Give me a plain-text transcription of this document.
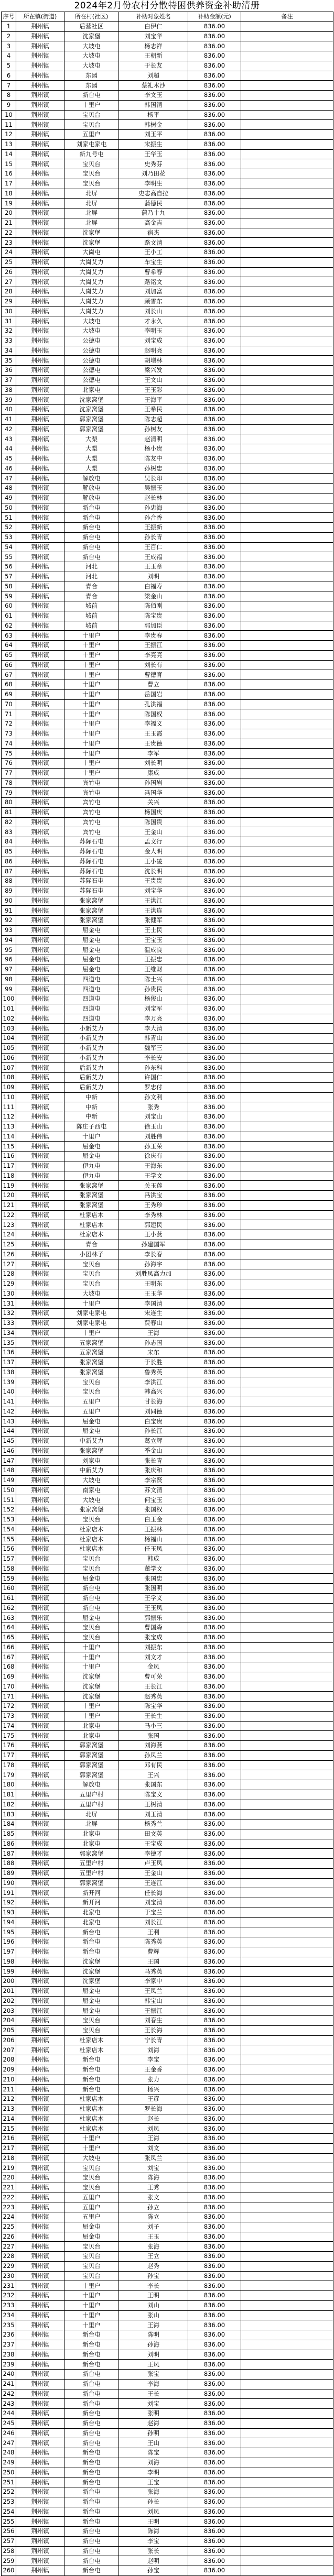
2024年2月份农村分散特困供养资金补助清册
序号	所在镇(街道)	所在村(社区)	补助对象姓名	补助金额(元)	备注
1	荆州镇	后营社区	白伊仁	836.00	
2	荆州镇	沈家堡	刘宝华	836.00	
3	荆州镇	大坡屯	杨志祥	836.00	
4	荆州镇	大坡屯	王朝新	836.00	
5	荆州镇	大坡屯	于长友	836.00	
6	荆州镇	东园	刘超	836.00	
7	荆州镇	东园	蔡礼木沙	836.00	
8	荆州镇	新台屯	李文玉	836.00	
9	荆州镇	十里户	韩国清	836.00	
10	荆州镇	宝贝台	杨平	836.00	
11	荆州镇	宝贝台	韩树金	836.00	
12	荆州镇	五里户	刘玉平	836.00	
13	荆州镇	刘家屯家屯	宋振生	836.00	
14	荆州镇	新九号屯	王华玉	836.00	
15	荆州镇	宝贝台	史秀芬	836.00	
16	荆州镇	宝贝台	刘乃田花	836.00	
17	荆州镇	宝贝台	李明生	836.00	
18	荆州镇	北屏	史志高自拉	836.00	
19	荆州镇	北屏	蒲德民	836.00	
20	荆州镇	北屏	蒲乃十九	836.00	
21	荆州镇	北屏	高金吉	836.00	
22	荆州镇	沈家堡	宿杰	836.00	
23	荆州镇	沈家堡	路文清	836.00	
24	荆州镇	大崗屯	王小工	836.00	
25	荆州镇	大崗艾力	车宝生	836.00	
26	荆州镇	大崗艾力	曹希春	836.00	
27	荆州镇	大崗艾力	路铭文	836.00	
28	荆州镇	大崗艾力	刘加富	836.00	
29	荆州镇	大崗艾力	顾雪东	836.00	
30	荆州镇	大崗艾力	刘长山	836.00	
31	荆州镇	大坡屯	才永久	836.00	
32	荆州镇	大坡屯	李明玉	836.00	
33	荆州镇	公德屯	刘宝成	836.00	
34	荆州镇	公德屯	赵明亮	836.00	
35	荆州镇	公德屯	胡增林	836.00	
36	荆州镇	公德屯	梁兴发	836.00	
37	荆州镇	公德屯	王文山	836.00	
38	荆州镇	北家屯	王玉彩	836.00	
39	荆州镇	沈家窝堡	王海平	836.00	
40	荆州镇	沈家窝堡	王希民	836.00	
41	荆州镇	郭家窝堡	陈志超	836.00	
42	荆州镇	郭家窝堡	孙树友	836.00	
43	荆州镇	大梨	赵清明	836.00	
44	荆州镇	大梨	杨小贵	836.00	
45	荆州镇	大梨	陈友中	836.00	
46	荆州镇	大梨	孙树忠	836.00	
47	荆州镇	解放屯	吴长印	836.00	
48	荆州镇	解放屯	吴振玉	836.00	
49	荆州镇	解放屯	赵长林	836.00	
50	荆州镇	新台屯	孙忠海	836.00	
51	荆州镇	新台屯	孙合香	836.00	
52	荆州镇	新台屯	王振新	836.00	
53	荆州镇	新台屯	孙长青	836.00	
54	荆州镇	新台屯	王百仁	836.00	
55	荆州镇	新台屯	王成福	836.00	
56	荆州镇	河北	王玉章	836.00	
57	荆州镇	河北	刘明	836.00	
58	荆州镇	青合	白福寿	836.00	
59	荆州镇	青合	梁金山	836.00	
60	荆州镇	城前	陈佰刚	836.00	
61	荆州镇	城前	陈宝贵	836.00	
62	荆州镇	城前	郭加臣	836.00	
63	荆州镇	十里户	李贵春	836.00	
64	荆州镇	十里户	王振江	836.00	
65	荆州镇	十里户	李亮亮	836.00	
66	荆州镇	十里户	刘长有	836.00	
67	荆州镇	十里户	曹德育	836.00	
68	荆州镇	十里户	曹立	836.00	
69	荆州镇	十里户	岳国岩	836.00	
70	荆州镇	十里户	孔洪福	836.00	
71	荆州镇	十里户	陈国权	836.00	
72	荆州镇	十里户	李福义	836.00	
73	荆州镇	十里户	王玉霞	836.00	
74	荆州镇	十里户	王贵德	836.00	
75	荆州镇	十里户	李军	836.00	
76	荆州镇	十里户	刘长明	836.00	
77	荆州镇	十里户	康成	836.00	
78	荆州镇	宾竹屯	孙国岩	836.00	
79	荆州镇	宾竹屯	冯国华	836.00	
80	荆州镇	宾竹屯	关兴	836.00	
81	荆州镇	宾竹屯	杨国庆	836.00	
82	荆州镇	宾竹屯	陈国贵	836.00	
83	荆州镇	宾竹屯	王金山	836.00	
84	荆州镇	苏际石屯	孟文行	836.00	
85	荆州镇	苏际石屯	金大明	836.00	
86	荆州镇	苏际石屯	王小凌	836.00	
87	荆州镇	苏际石屯	沈长明	836.00	
88	荆州镇	苏际石屯	王贵贵	836.00	
89	荆州镇	苏际石屯	刘宝华	836.00	
90	荆州镇	张家窝堡	王洪江	836.00	
91	荆州镇	张家窝堡	王洪连	836.00	
92	荆州镇	张家窝堡	张健军	836.00	
93	荆州镇	屈金屯	王士民	836.00	
94	荆州镇	屈金屯	王宝玉	836.00	
95	荆州镇	屈金屯	温成良	836.00	
96	荆州镇	屈金屯	王振忠	836.00	
97	荆州镇	屈金屯	王维财	836.00	
98	荆州镇	四道屯	陈士兴	836.00	
99	荆州镇	四道屯	孙贵民	836.00	
100	荆州镇	四道屯	杨俊山	836.00	
101	荆州镇	四道屯	刘宝军	836.00	
102	荆州镇	四道屯	李万亮	836.00	
103	荆州镇	小新艾力	李大清	836.00	
104	荆州镇	小新艾力	韩青山	836.00	
105	荆州镇	小新艾力	魏军三	836.00	
106	荆州镇	小新艾力	李长安	836.00	
107	荆州镇	后新艾力	孙东科	836.00	
108	荆州镇	后新艾力	许国仁	836.00	
109	荆州镇	后新艾力	罗忠付	836.00	
110	荆州镇	中新	孙文利	836.00	
111	荆州镇	中新	张秀	836.00	
112	荆州镇	中新	刘宝山	836.00	
113	荆州镇	陈庄子西屯	徐玉山	836.00	
114	荆州镇	十里户	刘胜伟	836.00	
115	荆州镇	屈金屯	孙玉荣	836.00	
116	荆州镇	屈金屯	徐庆有	836.00	
117	荆州镇	伊九屯	王海东	836.00	
118	荆州镇	伊九屯	王学文	836.00	
119	荆州镇	张家窝堡	关玉莲	836.00	
120	荆州镇	张家窝堡	冯洪宝	836.00	
121	荆州镇	张家窝堡	王秀珍	836.00	
122	荆州镇	杜家店木	李秀林	836.00	
123	荆州镇	杜家店木	郭建民	836.00	
124	荆州镇	杜家店木	王小燕	836.00	
125	荆州镇	青合	孙建国军	836.00	
126	荆州镇	小团林子	李长春	836.00	
127	荆州镇	宝贝台	孙海宇	836.00	
128	荆州镇	宝贝台	刘胜凤高力加	836.00	
129	荆州镇	宝贝台	王明东	836.00	
130	荆州镇	大坡屯	王玉华	836.00	
131	荆州镇	十里户	李国清	836.00	
132	荆州镇	刘家屯家屯	宋连生	836.00	
133	荆州镇	刘家屯家屯	贾春山	836.00	
134	荆州镇	十里户	王海	836.00	
135	荆州镇	五家窝堡	孙志国	836.00	
136	荆州镇	五家窝堡	宋东	836.00	
137	荆州镇	张家窝堡	于长胜	836.00	
138	荆州镇	张家窝堡	鲁秀英	836.00	
139	荆州镇	宝贝台	李洪江	836.00	
140	荆州镇	宝贝台	韩高兴	836.00	
141	荆州镇	五里户	甘长海	836.00	
142	荆州镇	五里户	刘同德	836.00	
143	荆州镇	屈金屯	白宝贵	836.00	
144	荆州镇	屈金屯	孙长江	836.00	
145	荆州镇	中新艾力	葛立辉	836.00	
146	荆州镇	张家窝堡	季金山	836.00	
147	荆州镇	刘家屯	张长青	836.00	
148	荆州镇	中新艾力	张庆和	836.00	
149	荆州镇	大坡屯	李宗贤	836.00	
150	荆州镇	南家屯	苏文清	836.00	
151	荆州镇	大坡屯	何宝玉	836.00	
152	荆州镇	张家窝堡	张国权	836.00	
153	荆州镇	宝贝台	白玉金	836.00	
154	荆州镇	杜家店木	王振林	836.00	
155	荆州镇	杜家店木	杨福山	836.00	
156	荆州镇	杜家店木	任玉凤	836.00	
157	荆州镇	宝贝台	韩成	836.00	
158	荆州镇	宝贝台	董学文	836.00	
159	荆州镇	屈金屯	张国忠	836.00	
160	荆州镇	新台屯	张国明	836.00	
161	荆州镇	新台屯	王学义	836.00	
162	荆州镇	新台屯	王玉凤	836.00	
163	荆州镇	屈金屯	郭振乐	836.00	
164	荆州镇	宝贝台	曹国森	836.00	
165	荆州镇	宝贝台	张宝成	836.00	
166	荆州镇	十里户	刘振东	836.00	
167	荆州镇	十里户	刘文才	836.00	
168	荆州镇	十里户	金凤	836.00	
169	荆州镇	沈家堡	曹可荣	836.00	
170	荆州镇	沈家堡	王长江	836.00	
171	荆州镇	沈家堡	赵秀英	836.00	
172	荆州镇	十里户	陈宝华	836.00	
173	荆州镇	十里户	王长生	836.00	
174	荆州镇	北家屯	马小三	836.00	
175	荆州镇	北家屯	张国	836.00	
176	荆州镇	郭家窝堡	刘海燕	836.00	
177	荆州镇	郭家窝堡	孙凤兰	836.00	
178	荆州镇	郭家窝堡	邓有民	836.00	
179	荆州镇	郭家窝堡	王兴	836.00	
180	荆州镇	解放屯	张国东	836.00	
181	荆州镇	五里户村	陈宝文	836.00	
182	荆州镇	五里户村	王树清	836.00	
183	荆州镇	北屏	刘玉清	836.00	
184	荆州镇	北屏	杨秀兰	836.00	
185	荆州镇	北家屯	田文英	836.00	
186	荆州镇	北家屯	王宝成	836.00	
187	荆州镇	郭家窝堡	李德才	836.00	
188	荆州镇	五里户村	卢玉凤	836.00	
189	荆州镇	五里户村	王金山	836.00	
190	荆州镇	郭家窝堡	王连江	836.00	
191	荆州镇	新开河	任长海	836.00	
192	荆州镇	新开河	刘宝清	836.00	
193	荆州镇	北家屯	于宝兰	836.00	
194	荆州镇	北家屯	刘长江	836.00	
195	荆州镇	新台屯	王利	836.00	
196	荆州镇	新台屯	陈秀英	836.00	
197	荆州镇	新台屯	曹辉	836.00	
198	荆州镇	沈家堡	王国	836.00	
199	荆州镇	沈家堡	马秀英	836.00	
200	荆州镇	沈家堡	李家中	836.00	
201	荆州镇	屈金屯	王凤兰	836.00	
202	荆州镇	屈金屯	韩宝山	836.00	
203	荆州镇	屈金屯	王振江	836.00	
204	荆州镇	宝贝台	刘春生	836.00	
205	荆州镇	宝贝台	王长海	836.00	
206	荆州镇	杜家店木	宁长青	836.00	
207	荆州镇	杜家店木	刘海	836.00	
208	荆州镇	新台屯	李宝	836.00	
209	荆州镇	新台屯	王金香	836.00	
210	荆州镇	新台屯	张力	836.00	
211	荆州镇	新台屯	杨兴	836.00	
212	荆州镇	杜家店木	王彦	836.00	
213	荆州镇	杜家店木	罗长海	836.00	
214	荆州镇	杜家店木	赵长	836.00	
215	荆州镇	杜家店木	刘凤	836.00	
216	荆州镇	十里户	王海	836.00	
217	荆州镇	十里户	刘文	836.00	
218	荆州镇	大坡屯	张凤兰	836.00	
219	荆州镇	宝贝台	刘宝	836.00	
220	荆州镇	宝贝台	陈海	836.00	
221	荆州镇	宝贝台	王秀	836.00	
222	荆州镇	五里户	张文	836.00	
223	荆州镇	五里户	孙立	836.00	
224	荆州镇	五里户	陈立	836.00	
225	荆州镇	屈金屯	刘子	836.00	
226	荆州镇	屈金屯	王玉	836.00	
227	荆州镇	宝贝台	张海	836.00	
228	荆州镇	宝贝台	王立	836.00	
229	荆州镇	宝贝台	赵秀	836.00	
230	荆州镇	宝贝台	孙宝	836.00	
231	荆州镇	十里户	李长	836.00	
232	荆州镇	十里户	王明	836.00	
233	荆州镇	十里户	刘山	836.00	
234	荆州镇	十里户	张山	836.00	
235	荆州镇	十里户	王海	836.00	
236	荆州镇	新台屯	陈明	836.00	
237	荆州镇	新台屯	孙海	836.00	
238	荆州镇	新台屯	刘明	836.00	
239	荆州镇	新台屯	王凤	836.00	
240	荆州镇	新台屯	张宝	836.00	
241	荆州镇	新台屯	李海	836.00	
242	荆州镇	新台屯	王长	836.00	
243	荆州镇	新台屯	刘宝	836.00	
244	荆州镇	新台屯	张明	836.00	
245	荆州镇	新台屯	赵海	836.00	
246	荆州镇	新台屯	孙明	836.00	
247	荆州镇	新台屯	王山	836.00	
248	荆州镇	新台屯	陈宝	836.00	
249	荆州镇	新台屯	刘海	836.00	
250	荆州镇	新台屯	李明	836.00	
251	荆州镇	新台屯	王宝	836.00	
252	荆州镇	新台屯	张海	836.00	
253	荆州镇	新台屯	孙长	836.00	
254	荆州镇	新台屯	刘凤	836.00	
255	荆州镇	新台屯	王明	836.00	
256	荆州镇	新台屯	陈海	836.00	
257	荆州镇	新台屯	李宝	836.00	
258	荆州镇	新台屯	张长	836.00	
259	荆州镇	新台屯	赵明	836.00	
260	荆州镇	新台屯	孙宝	836.00	
